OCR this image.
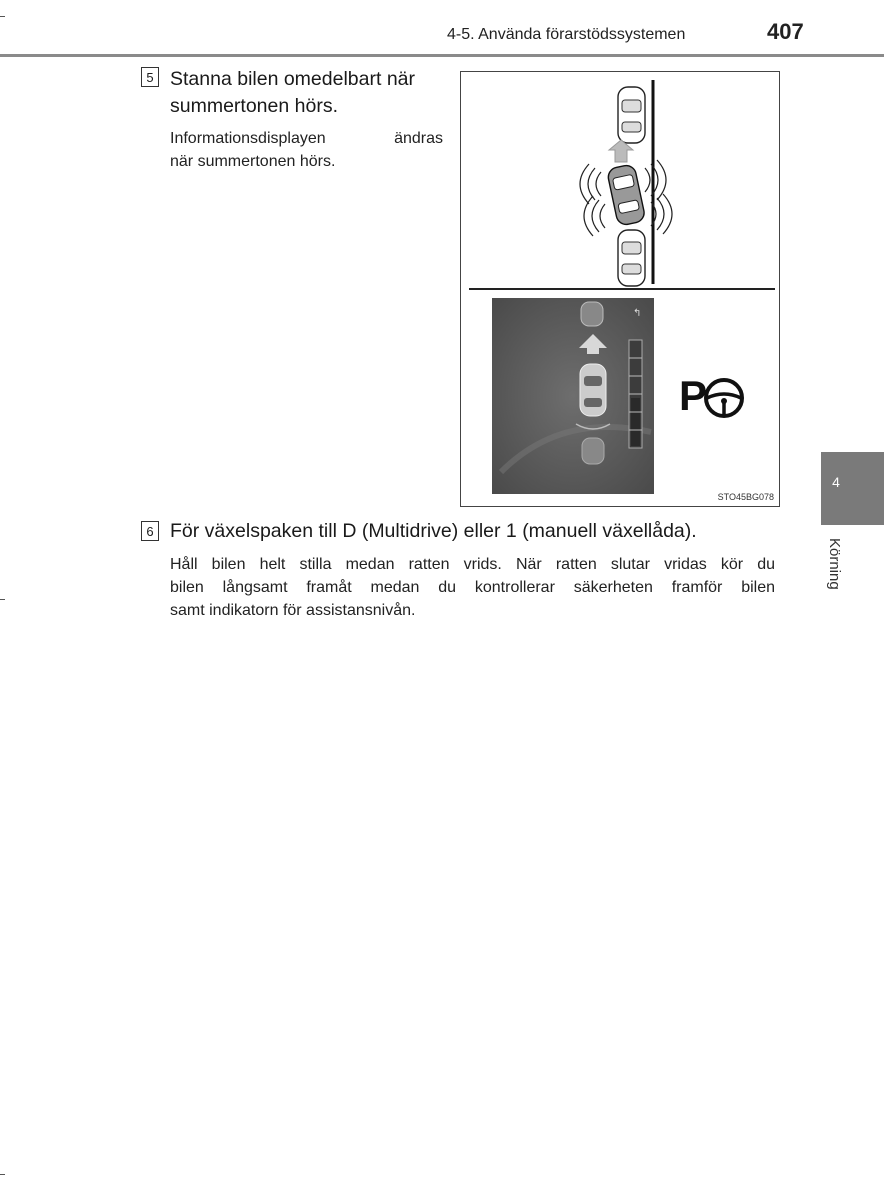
4-5. Använda förarstödssystemen	407
5 Stanna bilen omedelbart när
summertonen hörs.
Informationsdisplayen ändras
när summertonen hörs.
↰
P
STO45BG078
6 För växelspaken till D (Multidrive) eller 1 (manuell växellåda).
Håll bilen helt stilla medan ratten vrids. När ratten slutar vridas kör du
bilen långsamt framåt medan du kontrollerar säkerheten framför bilen
samt indikatorn för assistansnivån.
4
Körning
